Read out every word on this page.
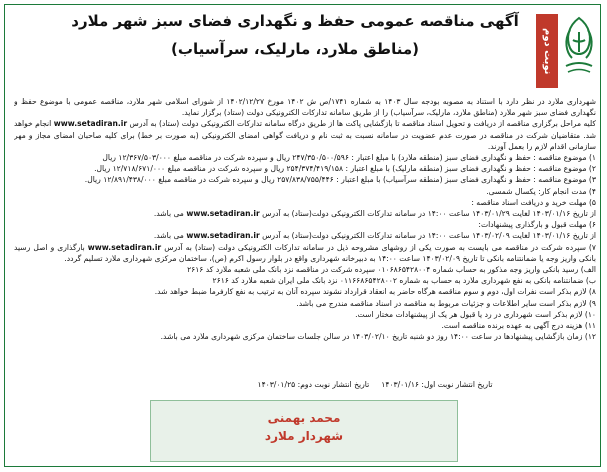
آگهی مناقصه عمومی حفظ و نگهداری فضای سبز شهر ملارد
(مناطق ملارد، مارلیک، سرآسیاب)	نوبت دوم

شهرداری ملارد در نظر دارد با استناد به مصوبه بودجه سال ۱۴۰۳ به شماره ۱۷۴۱/ص ش ۱۴۰۲ مورخ ۱۴۰۲/۱۲/۲۷ از شورای اسلامی شهر ملارد، مناقصه عمومی با موضوع حفظ و نگهداری فضای سبز شهر ملارد (مناطق ملارد، مارلیک، سرآسیاب) را از طریق سامانه تدارکات الکترونیکی دولت (ستاد) برگزار نماید.

کلیه مراحل برگزاری مناقصه از دریافت و تحویل اسناد مناقصه تا بازگشایی پاکت ها از طریق درگاه سامانه تدارکات الکترونیکی دولت (ستاد) به آدرس www.setadiran.ir انجام خواهد شد. متقاضیان شرکت در مناقصه در صورت عدم عضویت در سامانه نسبت به ثبت نام و دریافت گواهی امضای الکترونیکی (به صورت بر خط) برای کلیه صاحبان امضای مجاز و مهر سازمانی اقدام لازم را بعمل آورند.

۱) موضوع مناقصه : حفظ و نگهداری فضای سبز (منطقه ملارد) با مبلغ اعتبار : ۲۴۷/۳۵۰/۵۰۰/۵۹۶ ریال و سپرده شرکت در مناقصه مبلغ ۱۲/۳۶۷/۵۰۳/۰۰۰ ریال

۲) موضوع مناقصه : حفظ و نگهداری فضای سبز (منطقه مارلیک) با مبلغ اعتبار : ۲۵۴/۳۷۴/۴۱۹/۱۵۸ ریال و سپرده شرکت در مناقصه مبلغ ۱۲/۷۱۸/۶۷۱/۰۰۰ ریال.

۳) موضوع مناقصه : حفظ و نگهداری فضای سبز (منطقه سرآسیاب) با مبلغ اعتبار : ۲۵۷/۸۳۸/۷۵۵/۴۴۶ ریال و سپرده شرکت در مناقصه مبلغ ۱۲/۸۹۱/۴۳۸/۰۰۰ ریال.

۴) مدت انجام کار: یکسال شمسی.

۵) مهلت خرید و دریافت اسناد مناقصه :

از تاریخ ۱۴۰۳/۰۱/۱۶ لغایت ۱۴۰۳/۰۱/۲۹ ساعت ۱۴:۰۰ در سامانه تدارکات الکترونیکی دولت(ستاد) به آدرس www.setadiran.ir می باشد.

۶) مهلت قبول و بارگذاری پیشنهادات:

از تاریخ ۱۴۰۳/۰۱/۱۶ لغایت ۱۴۰۳/۰۲/۰۹ ساعت ۱۴:۰۰ در سامانه تدارکات الکترونیکی دولت(ستاد) به آدرس www.setadiran.ir می باشد.

۷) سپرده شرکت در مناقصه می بایست به صورت یکی از روشهای مشروحه ذیل در سامانه تدارکات الکترونیکی دولت (ستاد) به آدرس www.setadiran.ir بارگذاری و اصل رسید بانکی واریز وجه یا ضمانتنامه بانکی تا تاریخ ۱۴۰۳/۰۲/۰۹ ساعت ۱۴:۰۰ به دبیرخانه شهرداری واقع در بلوار رسول اکرم (ص)، ساختمان مرکزی شهرداری ملارد تسلیم گردد.

الف) رسید بانکی واریز وجه مذکور به حساب شماره ۰۱۰۶۸۶۵۴۲۸۰۰۴ سپرده شرکت در مناقصه نزد بانک ملی شعبه ملارد کد ۲۶۱۶

ب) ضمانتنامه بانکی به نفع شهرداری ملارد به حساب به شماره ۰۱۱۶۶۸۶۵۴۲۸۰۰۲ نزد بانک ملی ایران شعبه ملارد کد ۲۶۱۶

۸) لازم بذکر است نفرات اول، دوم و سوم مناقصه هرگاه حاضر به انعقاد قرارداد نشوند سپرده آنان به ترتیب به نفع کارفرما ضبط خواهد شد.

۹) لازم بذکر است سایر اطلاعات و جزئیات مربوط به مناقصه در اسناد مناقصه مندرج می باشد.

۱۰) لازم بذکر است شهرداری در رد یا قبول هر یک از پیشنهادات مختار است.

۱۱) هزینه درج آگهی به عهده برنده مناقصه است.

۱۲) زمان بازگشایی پیشنهادها در ساعت ۱۴:۰۰ روز دو شنبه تاریخ ۱۴۰۳/۰۲/۱۰ در سالن جلسات ساختمان مرکزی شهرداری ملارد می باشد.

تاریخ انتشار نوبت اول: ۱۴۰۳/۰۱/۱۶     تاریخ انتشار نوبت دوم: ۱۴۰۳/۰۱/۲۵
محمد بهمنی
شهردار ملارد
